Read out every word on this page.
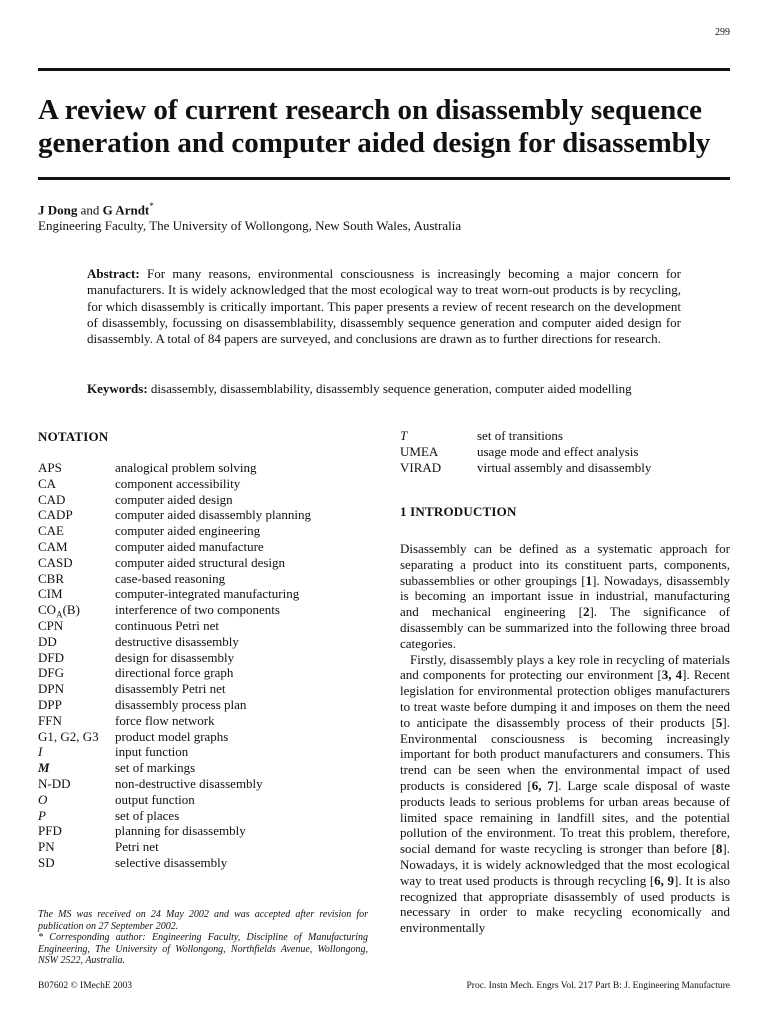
299
A review of current research on disassembly sequence
generation and computer aided design for disassembly
J Dong and G Arndt*
Engineering Faculty, The University of Wollongong, New South Wales, Australia
Abstract: For many reasons, environmental consciousness is increasingly becoming a major concern for manufacturers. It is widely acknowledged that the most ecological way to treat worn-out products is by recycling, for which disassembly is critically important. This paper presents a review of recent research on the development of disassembly, focussing on disassemblability, disassembly sequence generation and computer aided design for disassembly. A total of 84 papers are surveyed, and conclusions are drawn as to further directions for research.
Keywords: disassembly, disassemblability, disassembly sequence generation, computer aided modelling
NOTATION
APS	analogical problem solving
CA	component accessibility
CAD	computer aided design
CADP	computer aided disassembly planning
CAE	computer aided engineering
CAM	computer aided manufacture
CASD	computer aided structural design
CBR	case-based reasoning
CIM	computer-integrated manufacturing
$CO_A(B)$	interference of two components
CPN	continuous Petri net
DD	destructive disassembly
DFD	design for disassembly
DFG	directional force graph
DPN	disassembly Petri net
DPP	disassembly process plan
FFN	force flow network
G1, G2, G3	product model graphs
I	input function
M	set of markings
N-DD	non-destructive disassembly
O	output function
P	set of places
PFD	planning for disassembly
PN	Petri net
SD	selective disassembly
T	set of transitions
UMEA	usage mode and effect analysis
VIRAD	virtual assembly and disassembly
1 INTRODUCTION

Disassembly can be defined as a systematic approach for separating a product into its constituent parts, components, subassemblies or other groupings [1]. Nowadays, disassembly is becoming an important issue in industrial, manufacturing and mechanical engineering [2]. The significance of disassembly can be summarized into the following three broad categories.

Firstly, disassembly plays a key role in recycling of materials and components for protecting our environment [3, 4]. Recent legislation for environmental protection obliges manufacturers to treat waste before dumping it and imposes on them the need to anticipate the disassembly process of their products [5]. Environmental consciousness is becoming increasingly important for both product manufacturers and consumers. This trend can be seen when the environmental impact of used products is considered [6, 7]. Large scale disposal of waste products leads to serious problems for urban areas because of limited space remaining in landfill sites, and the potential pollution of the environment. To treat this problem, therefore, social demand for waste recycling is stronger than before [8]. Nowadays, it is widely acknowledged that the most ecological way to treat used products is through recycling [6, 9]. It is also recognized that appropriate disassembly of used products is necessary in order to make recycling economically and environmentally

The MS was received on 24 May 2002 and was accepted after revision for publication on 27 September 2002.

* Corresponding author: Engineering Faculty, Discipline of Manufacturing Engineering, The University of Wollongong, Northfields Avenue, Wollongong, NSW 2522, Australia.

B07602 © IMechE 2003	Proc. Instn Mech. Engrs Vol. 217 Part B: J. Engineering Manufacture
